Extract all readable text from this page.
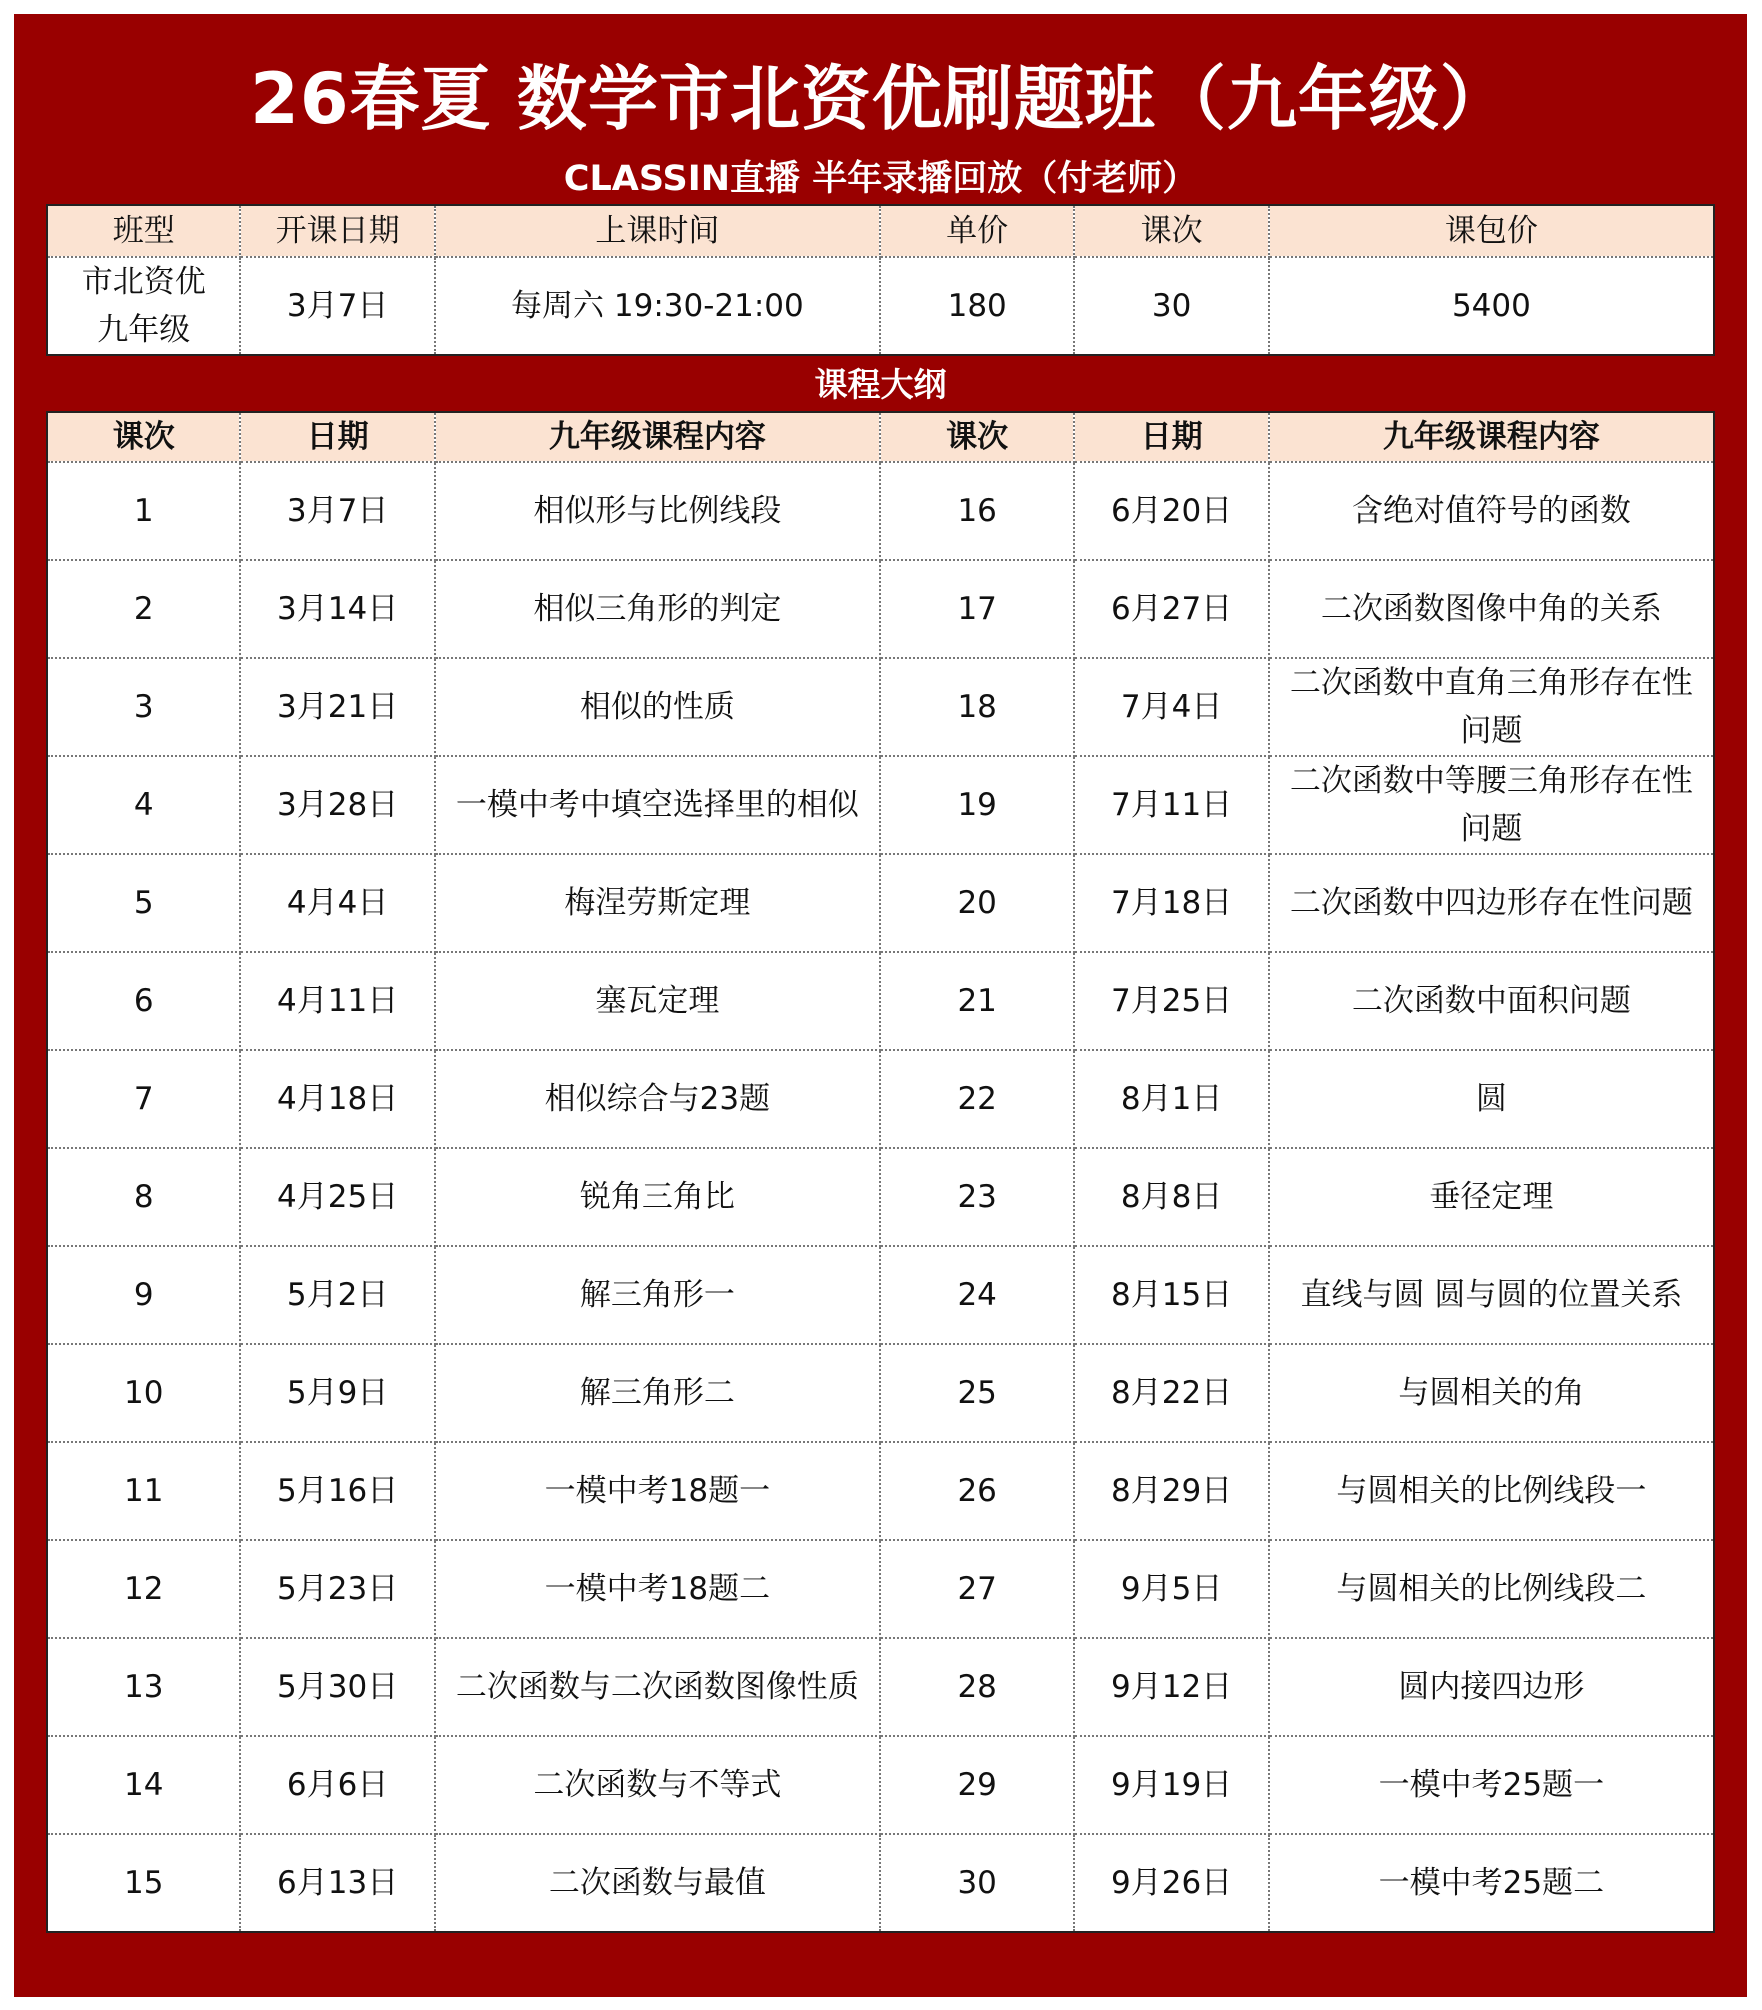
26春夏 数学市北资优刷题班（九年级）
CLASSIN直播 半年录播回放（付老师）
班型	开课日期	上课时间	单价	课次	课包价

市北资优
九年级	3月7日	每周六 19:30-21:00	180	30	5400
课程大纲
课次	日期	九年级课程内容	课次	日期	九年级课程内容
1	3月7日	相似形与比例线段	16	6月20日	含绝对值符号的函数
2	3月14日	相似三角形的判定	17	6月27日	二次函数图像中角的关系
3	3月21日	相似的性质	18	7月4日	二次函数中直角三角形存在性问题
4	3月28日	一模中考中填空选择里的相似	19	7月11日	二次函数中等腰三角形存在性问题
5	4月4日	梅涅劳斯定理	20	7月18日	二次函数中四边形存在性问题
6	4月11日	塞瓦定理	21	7月25日	二次函数中面积问题
7	4月18日	相似综合与23题	22	8月1日	圆
8	4月25日	锐角三角比	23	8月8日	垂径定理
9	5月2日	解三角形一	24	8月15日	直线与圆 圆与圆的位置关系
10	5月9日	解三角形二	25	8月22日	与圆相关的角
11	5月16日	一模中考18题一	26	8月29日	与圆相关的比例线段一
12	5月23日	一模中考18题二	27	9月5日	与圆相关的比例线段二
13	5月30日	二次函数与二次函数图像性质	28	9月12日	圆内接四边形
14	6月6日	二次函数与不等式	29	9月19日	一模中考25题一
15	6月13日	二次函数与最值	30	9月26日	一模中考25题二
